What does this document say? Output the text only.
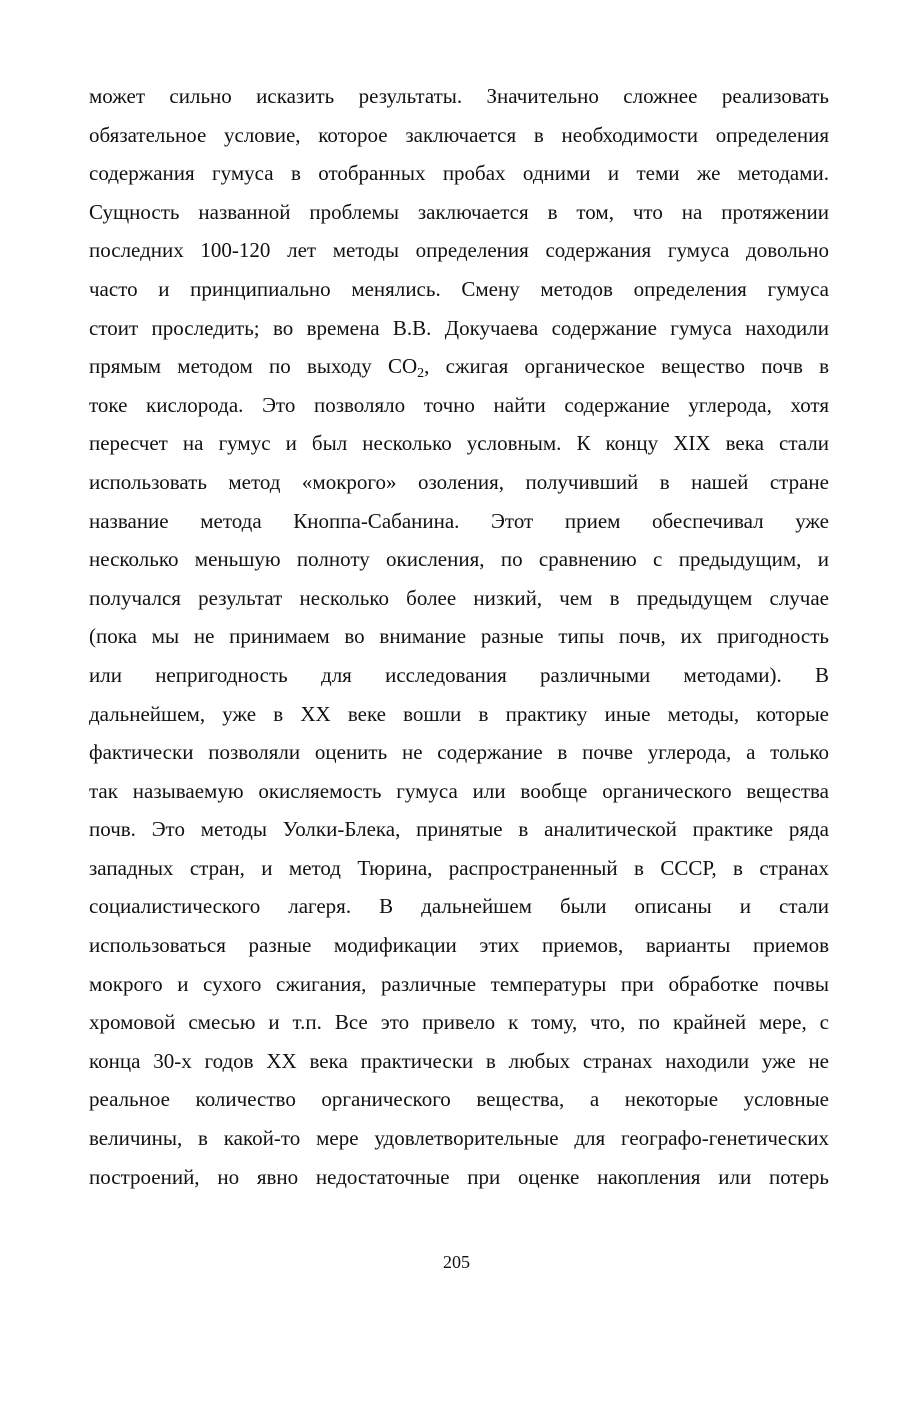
может сильно исказить результаты. Значительно сложнее реализовать
обязательное условие, которое заключается в необходимости определения
содержания гумуса в отобранных пробах одними и теми же методами.
Сущность названной проблемы заключается в том, что на протяжении
последних 100-120 лет методы определения содержания гумуса довольно
часто и принципиально менялись. Смену методов определения гумуса
стоит проследить; во времена В.В. Докучаева содержание гумуса находили
прямым методом по выходу $СО_2$, сжигая органическое вещество почв в
токе кислорода. Это позволяло точно найти содержание углерода, хотя
пересчет на гумус и был несколько условным. К концу XIX века стали
использовать метод «мокрого» озоления, получивший в нашей стране
название метода Кноппа-Сабанина. Этот прием обеспечивал уже
несколько меньшую полноту окисления, по сравнению с предыдущим, и
получался результат несколько более низкий, чем в предыдущем случае
(пока мы не принимаем во внимание разные типы почв, их пригодность
или непригодность для исследования различными методами). В
дальнейшем, уже в XX веке вошли в практику иные методы, которые
фактически позволяли оценить не содержание в почве углерода, а только
так называемую окисляемость гумуса или вообще органического вещества
почв. Это методы Уолки-Блека, принятые в аналитической практике ряда
западных стран, и метод Тюрина, распространенный в СССР, в странах
социалистического лагеря. В дальнейшем были описаны и стали
использоваться разные модификации этих приемов, варианты приемов
мокрого и сухого сжигания, различные температуры при обработке почвы
хромовой смесью и т.п. Все это привело к тому, что, по крайней мере, с
конца 30-х годов XX века практически в любых странах находили уже не
реальное количество органического вещества, а некоторые условные
величины, в какой-то мере удовлетворительные для географо-генетических
построений, но явно недостаточные при оценке накопления или потерь
205
